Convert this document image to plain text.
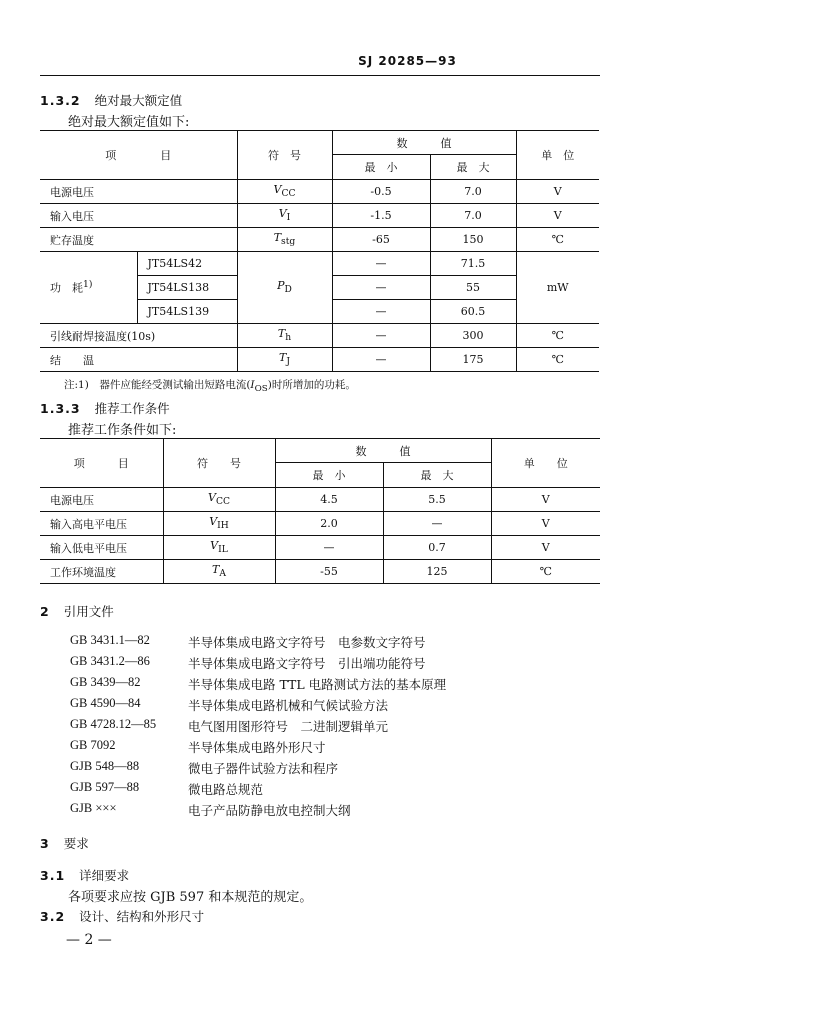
SJ 20285—93
1.3.2 绝对最大额定值
绝对最大额定值如下:
项　　　　目		符　号	数　　　值		单　位
			最　小	最　大	
电源电压		$V_{CC}$	-0.5	7.0	V
输入电压		$V_I$	-1.5	7.0	V
贮存温度		$T_{stg}$	-65	150	℃
功　耗$^{1)}$	JT54LS42	$P_D$	—	71.5	mW
	JT54LS138		—	55	
	JT54LS139		—	60.5	
引线耐焊接温度(10s)		$T_h$	—	300	℃
结　　温		$T_J$	—	175	℃
注:1)　器件应能经受测试输出短路电流$(I_{OS})$时所增加的功耗。
1.3.3 推荐工作条件
推荐工作条件如下:
项　　　目	符　　号	数　　　值		单　　位
		最　小	最　大	
电源电压	$V_{CC}$	4.5	5.5	V
输入高电平电压	$V_{IH}$	2.0	—	V
输入低电平电压	$V_{IL}$	—	0.7	V
工作环境温度	$T_A$	-55	125	℃
2 引用文件
GB 3431.1—82	半导体集成电路文字符号　电参数文字符号
GB 3431.2—86	半导体集成电路文字符号　引出端功能符号
GB 3439—82	半导体集成电路 TTL 电路测试方法的基本原理
GB 4590—84	半导体集成电路机械和气候试验方法
GB 4728.12—85	电气图用图形符号　二进制逻辑单元
GB 7092	半导体集成电路外形尺寸
GJB 548—88	微电子器件试验方法和程序
GJB 597—88	微电路总规范
GJB ×××	电子产品防静电放电控制大纲
3 要求
3.1 详细要求
各项要求应按 GJB 597 和本规范的规定。
3.2 设计、结构和外形尺寸
— 2 —
